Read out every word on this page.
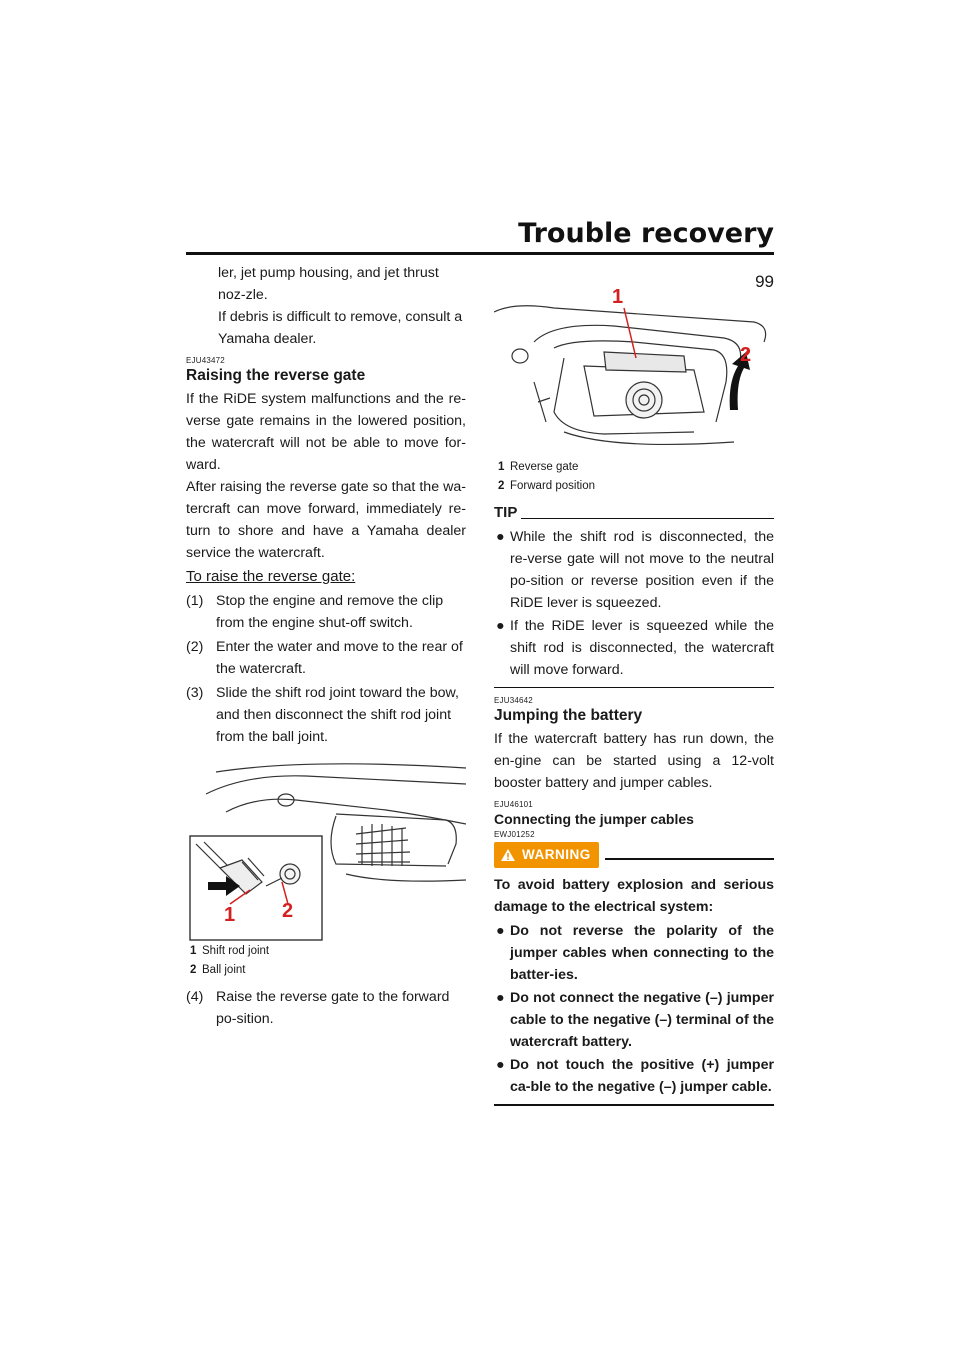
Trouble recovery
99

ler, jet pump housing, and jet thrust noz-zle.

If debris is difficult to remove, consult a Yamaha dealer.

EJU43472
Raising the reverse gate

If the RiDE system malfunctions and the re-verse gate remains in the lowered position, the watercraft will not be able to move for-ward.

After raising the reverse gate so that the wa-tercraft can move forward, immediately re-turn to shore and have a Yamaha dealer service the watercraft.

To raise the reverse gate:
(1) Stop the engine and remove the clip from the engine shut-off switch.
(2) Enter the water and move to the rear of the watercraft.
(3) Slide the shift rod joint toward the bow, and then disconnect the shift rod joint from the ball joint.
1 2
1 Shift rod joint
2 Ball joint
(4) Raise the reverse gate to the forward po-sition.
1
2
1 Reverse gate
2 Forward position
TIP
● While the shift rod is disconnected, the re-verse gate will not move to the neutral po-sition or reverse position even if the RiDE lever is squeezed.
● If the RiDE lever is squeezed while the shift rod is disconnected, the watercraft will move forward.
EJU34642
Jumping the battery

If the watercraft battery has run down, the en-gine can be started using a 12-volt booster battery and jumper cables.

EJU46101
Connecting the jumper cables
EWJ01252
WARNING

To avoid battery explosion and serious damage to the electrical system:

● Do not reverse the polarity of the jumper cables when connecting to the batter-ies.
● Do not connect the negative (–) jumper cable to the negative (–) terminal of the watercraft battery.
● Do not touch the positive (+) jumper ca-ble to the negative (–) jumper cable.
